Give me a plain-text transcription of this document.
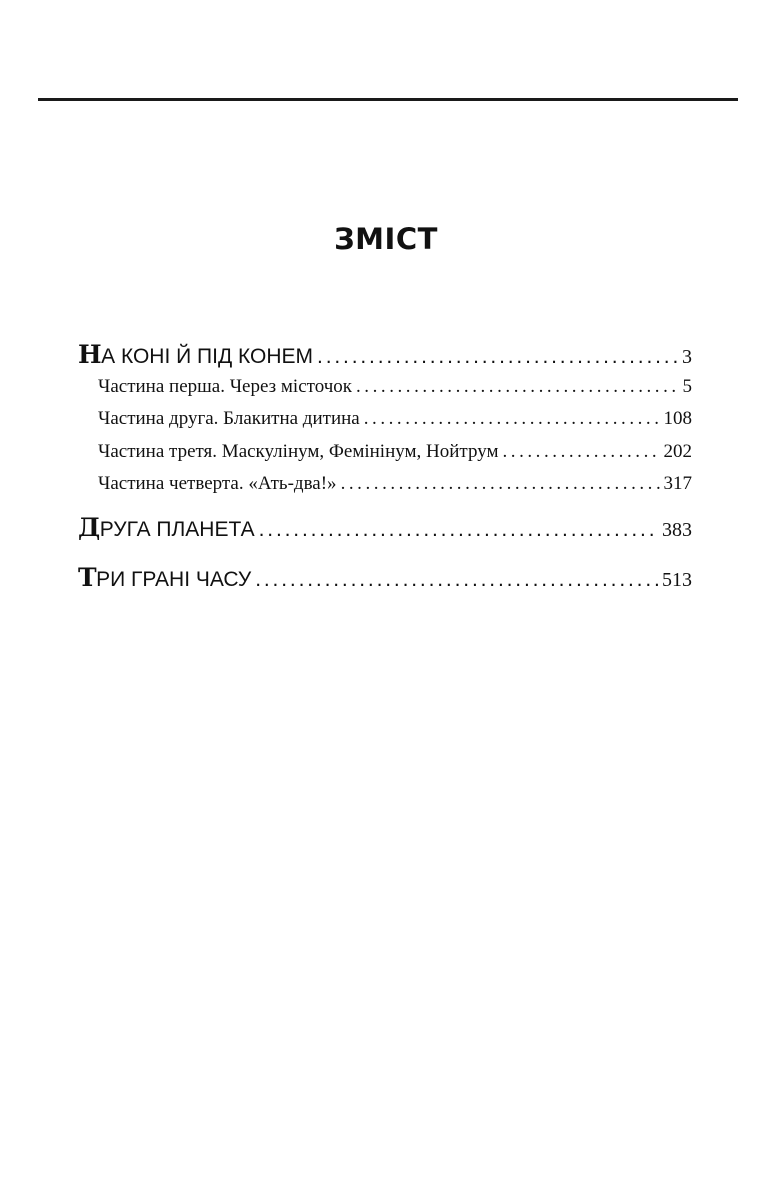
ЗМІСТ
НА КОНІ Й ПІД КОНЕМ . . .	3
Частина перша. Через місточок . . .	5
Частина друга. Блакитна дитина . . .	108
Частина третя. Маскулінум, Фемінінум, Нойтрум . . .	202
Частина четверта. «Ать-два!» . . .	317
ДРУГА ПЛАНЕТА . . .	383
ТРИ ГРАНІ ЧАСУ . . .	513
